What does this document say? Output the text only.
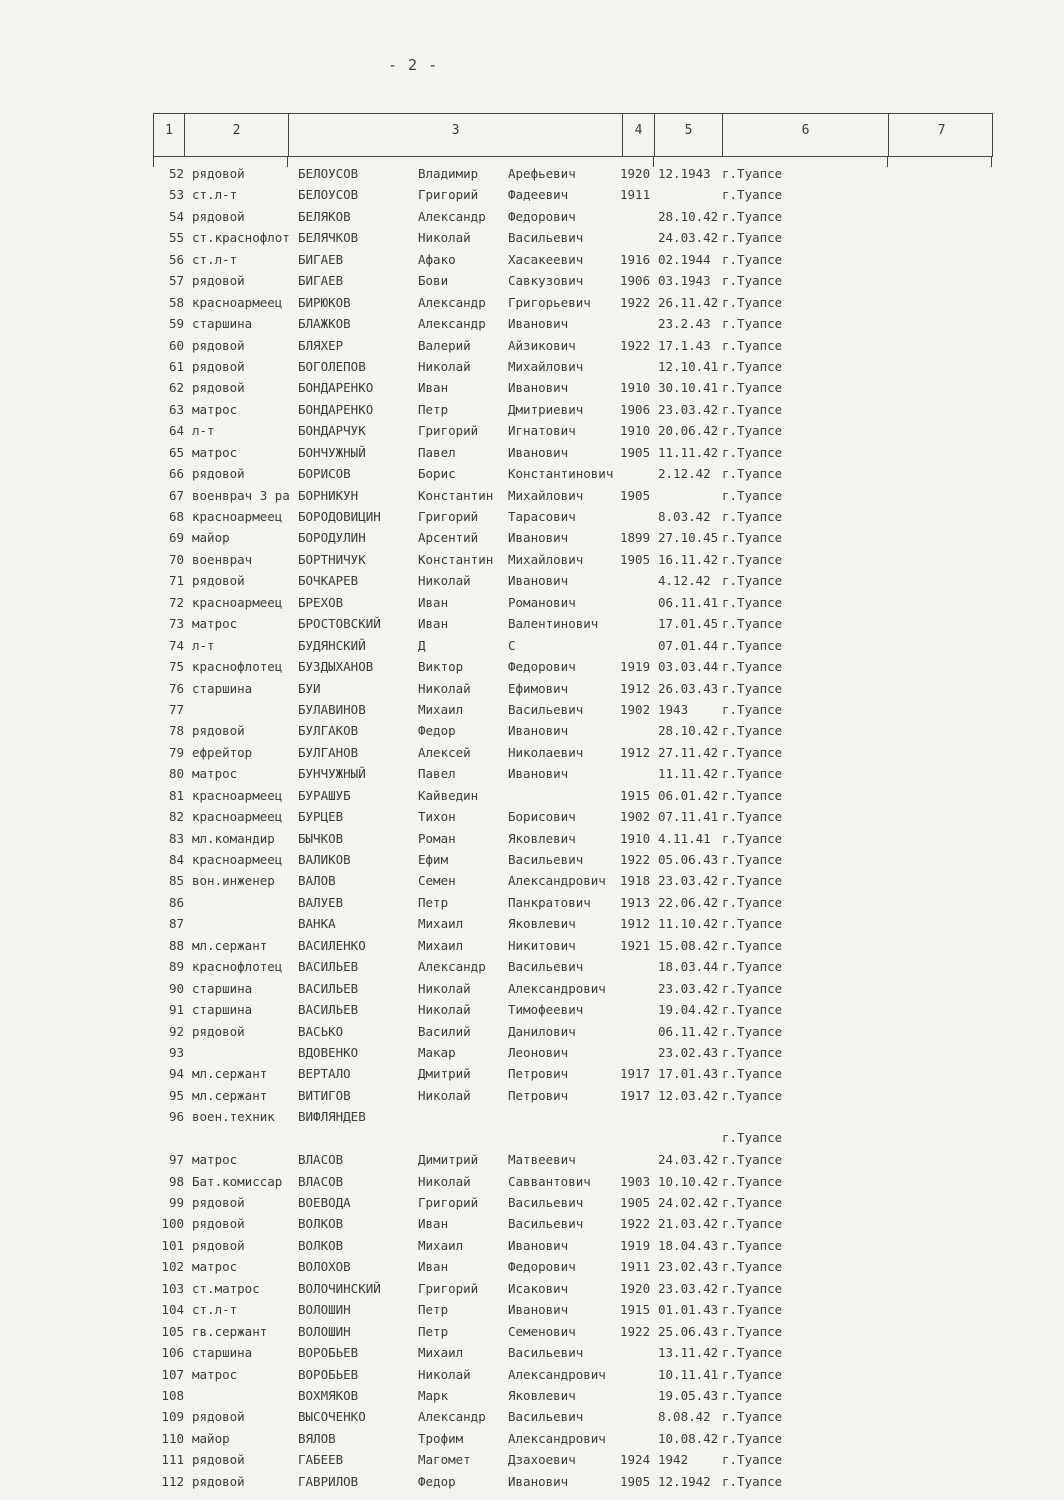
- 2 -
1	2	3	4	5	6	7
52 рядовой	БЕЛОУСОВ	Владимир	Арефьевич	1920 12.1943 г.Туапсе
53 ст.л-т	БЕЛОУСОВ	Григорий	Фадеевич	1911	г.Туапсе
54 рядовой	БЕЛЯКОВ	Александр	Федорович	28.10.42 г.Туапсе
55 ст.краснофлот БЕЛЯЧКОВ	Николай	Васильевич	24.03.42 г.Туапсе
56 ст.л-т	БИГАЕВ	Афако	Хасакеевич	1916 02.1944 г.Туапсе
57 рядовой	БИГАЕВ	Бови	Савкузович	1906 03.1943 г.Туапсе
58 красноармеец	БИРЮКОВ	Александр	Григорьевич	1922 26.11.42 г.Туапсе
59 старшина	БЛАЖКОВ	Александр	Иванович	23.2.43 г.Туапсе
60 рядовой	БЛЯХЕР	Валерий	Айзикович	1922 17.1.43 г.Туапсе
61 рядовой	БОГОЛЕПОВ	Николай	Михайлович	12.10.41 г.Туапсе
62 рядовой	БОНДАРЕНКО	Иван	Иванович	1910 30.10.41 г.Туапсе
63 матрос	БОНДАРЕНКО	Петр	Дмитриевич	1906 23.03.42 г.Туапсе
64 л-т	БОНДАРЧУК	Григорий	Игнатович	1910 20.06.42 г.Туапсе
65 матрос	БОНЧУЖНЫЙ	Павел	Иванович	1905 11.11.42 г.Туапсе
66 рядовой	БОРИСОВ	Борис	Константинович	2.12.42 г.Туапсе
67 военврач 3 ра БОРНИКУН	Константин	Михайлович	1905	г.Туапсе
68 красноармеец	БОРОДОВИЦИН	Григорий	Тарасович	8.03.42 г.Туапсе
69 майор	БОРОДУЛИН	Арсентий	Иванович	1899 27.10.45 г.Туапсе
70 военврач	БОРТНИЧУК	Константин	Михайлович	1905 16.11.42 г.Туапсе
71 рядовой	БОЧКАРЕВ	Николай	Иванович	4.12.42 г.Туапсе
72 красноармеец	БРЕХОВ	Иван	Романович	06.11.41 г.Туапсе
73 матрос	БРОСТОВСКИЙ	Иван	Валентинович	17.01.45 г.Туапсе
74 л-т	БУДЯНСКИЙ	Д	С	07.01.44 г.Туапсе
75 краснофлотец	БУЗДЫХАНОВ	Виктор	Федорович	1919 03.03.44 г.Туапсе
76 старшина	БУИ	Николай	Ефимович	1912 26.03.43 г.Туапсе
77	БУЛАВИНОВ	Михаил	Васильевич	1902 1943	г.Туапсе
78 рядовой	БУЛГАКОВ	Федор	Иванович	28.10.42 г.Туапсе
79 ефрейтор	БУЛГАНОВ	Алексей	Николаевич	1912 27.11.42 г.Туапсе
80 матрос	БУНЧУЖНЫЙ	Павел	Иванович	11.11.42 г.Туапсе
81 красноармеец	БУРАШУБ	Кайведин	1915 06.01.42 г.Туапсе
82 красноармеец	БУРЦЕВ	Тихон	Борисович	1902 07.11.41 г.Туапсе
83 мл.командир	БЫЧКОВ	Роман	Яковлевич	1910 4.11.41 г.Туапсе
84 красноармеец	ВАЛИКОВ	Ефим	Васильевич	1922 05.06.43 г.Туапсе
85 вон.инженер	ВАЛОВ	Семен	Александрович	1918 23.03.42 г.Туапсе
86	ВАЛУЕВ	Петр	Панкратович	1913 22.06.42 г.Туапсе
87	ВАНКА	Михаил	Яковлевич	1912 11.10.42 г.Туапсе
88 мл.сержант	ВАСИЛЕНКО	Михаил	Никитович	1921 15.08.42 г.Туапсе
89 краснофлотец	ВАСИЛЬЕВ	Александр	Васильевич	18.03.44 г.Туапсе
90 старшина	ВАСИЛЬЕВ	Николай	Александрович	23.03.42 г.Туапсе
91 старшина	ВАСИЛЬЕВ	Николай	Тимофеевич	19.04.42 г.Туапсе
92 рядовой	ВАСЬКО	Василий	Данилович	06.11.42 г.Туапсе
93	ВДОВЕНКО	Макар	Леонович	23.02.43 г.Туапсе
94 мл.сержант	ВЕРТАЛО	Дмитрий	Петрович	1917 17.01.43 г.Туапсе
95 мл.сержант	ВИТИГОВ	Николай	Петрович	1917 12.03.42 г.Туапсе
96 воен.техник	ВИФЛЯНДЕВ
г.Туапсе
97 матрос	ВЛАСОВ	Димитрий	Матвеевич	24.03.42 г.Туапсе
98 Бат.комиссар	ВЛАСОВ	Николай	Саввантович	1903 10.10.42 г.Туапсе
99 рядовой	ВОЕВОДА	Григорий	Васильевич	1905 24.02.42 г.Туапсе
100 рядовой	ВОЛКОВ	Иван	Васильевич	1922 21.03.42 г.Туапсе
101 рядовой	ВОЛКОВ	Михаил	Иванович	1919 18.04.43 г.Туапсе
102 матрос	ВОЛОХОВ	Иван	Федорович	1911 23.02.43 г.Туапсе
103 ст.матрос	ВОЛОЧИНСКИЙ	Григорий	Исакович	1920 23.03.42 г.Туапсе
104 ст.л-т	ВОЛОШИН	Петр	Иванович	1915 01.01.43 г.Туапсе
105 гв.сержант	ВОЛОШИН	Петр	Семенович	1922 25.06.43 г.Туапсе
106 старшина	ВОРОБЬЕВ	Михаил	Васильевич	13.11.42 г.Туапсе
107 матрос	ВОРОБЬЕВ	Николай	Александрович	10.11.41 г.Туапсе
108	ВОХМЯКОВ	Марк	Яковлевич	19.05.43 г.Туапсе
109 рядовой	ВЫСОЧЕНКО	Александр	Васильевич	8.08.42 г.Туапсе
110 майор	ВЯЛОВ	Трофим	Александрович	10.08.42 г.Туапсе
111 рядовой	ГАБЕЕВ	Магомет	Дзахоевич	1924 1942	г.Туапсе
112 рядовой	ГАВРИЛОВ	Федор	Иванович	1905 12.1942 г.Туапсе
